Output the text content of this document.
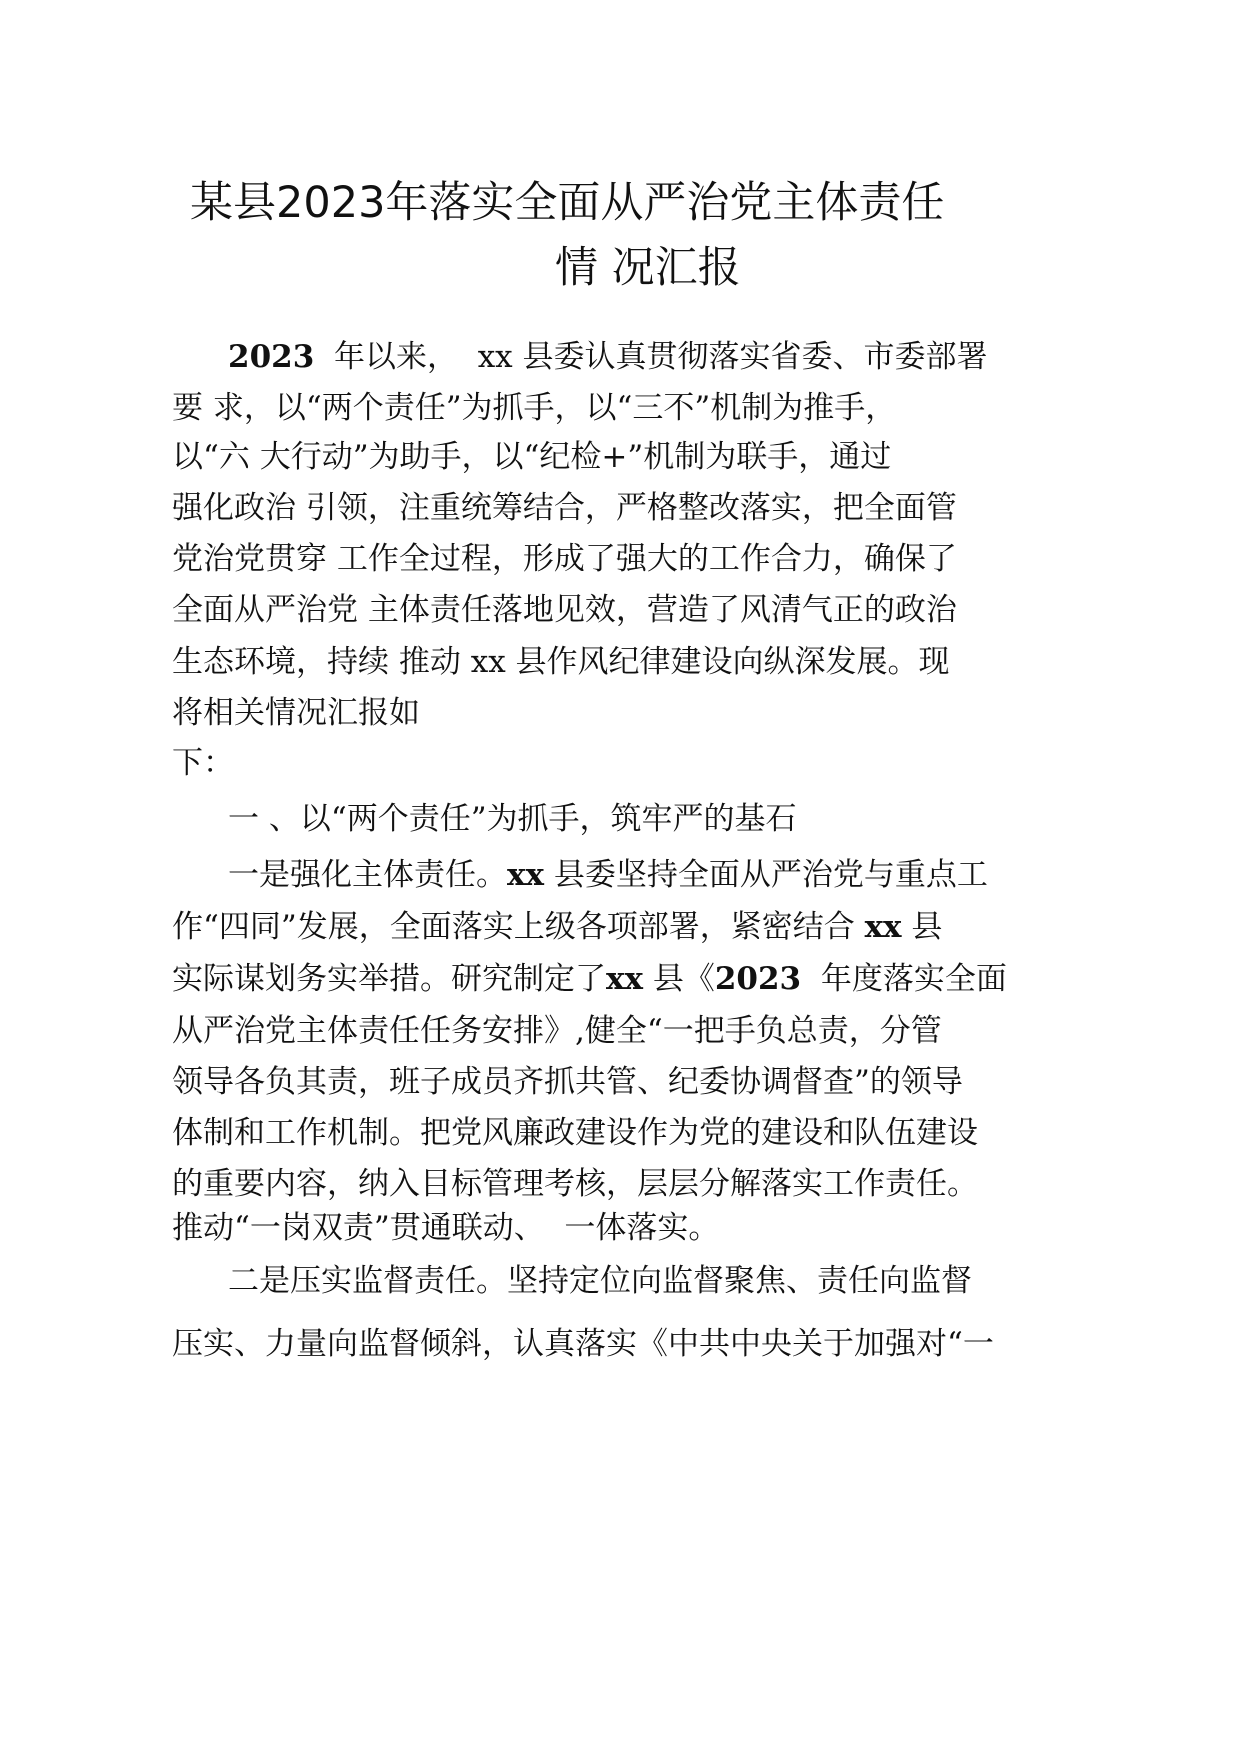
某县2023年落实全面从严治党主体责任
情 况汇报
2023  年以来，  xx 县委认真贯彻落实省委、市委部署
要 求，以“两个责任”为抓手，以“三不”机制为推手，
以“六 大行动”为助手，以“纪检+”机制为联手，通过
强化政治 引领，注重统筹结合，严格整改落实，把全面管
党治党贯穿 工作全过程，形成了强大的工作合力，确保了
全面从严治党 主体责任落地见效，营造了风清气正的政治
生态环境，持续 推动 xx 县作风纪律建设向纵深发展。现
将相关情况汇报如
下：
一 、以“两个责任”为抓手，筑牢严的基石
一是强化主体责任。xx 县委坚持全面从严治党与重点工
作“四同”发展，全面落实上级各项部署，紧密结合 xx 县
实际谋划务实举措。研究制定了xx 县《2023  年度落实全面
从严治党主体责任任务安排》,健全“一把手负总责，分管
领导各负其责，班子成员齐抓共管、纪委协调督查”的领导
体制和工作机制。把党风廉政建设作为党的建设和队伍建设
的重要内容，纳入目标管理考核，层层分解落实工作责任。
推动“一岗双责”贯通联动、  一体落实。
二是压实监督责任。坚持定位向监督聚焦、责任向监督
压实、力量向监督倾斜，认真落实《中共中央关于加强对“一
